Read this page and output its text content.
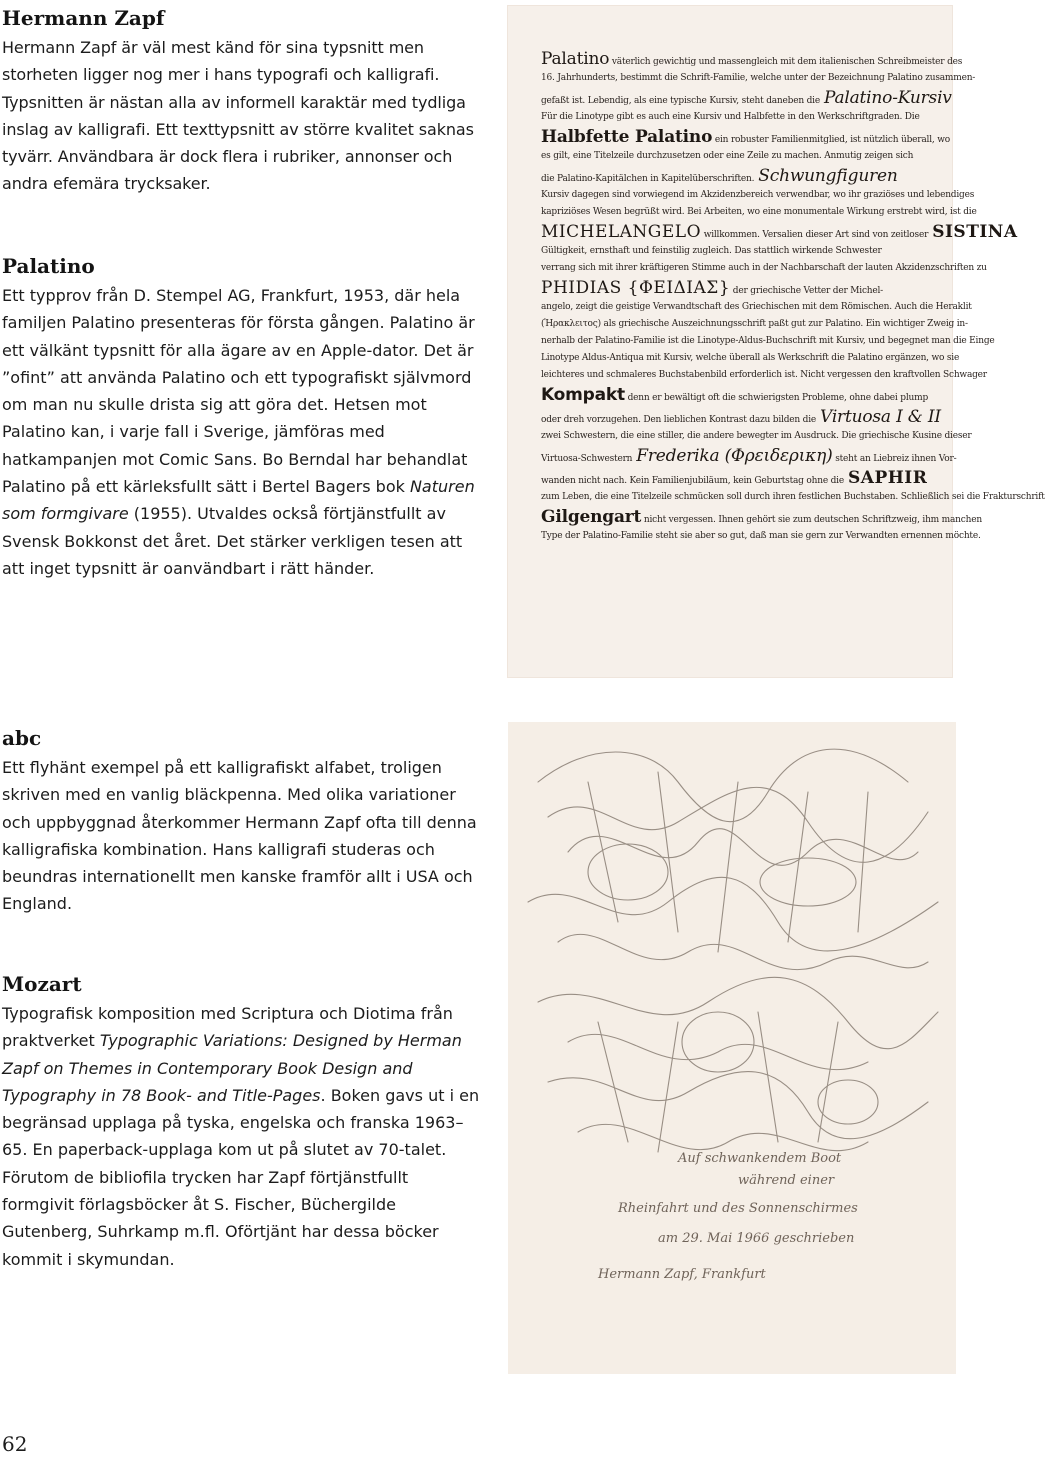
Hermann Zapf

Hermann Zapf är väl mest känd för sina typsnitt men storheten ligger nog mer i hans typografi och kalligrafi. Typsnitten är nästan alla av informell karaktär med tydliga inslag av kalligrafi. Ett texttypsnitt av större kvalitet saknas tyvärr. Användbara är dock flera i rubriker, annonser och andra efemära trycksaker.

Palatino

Ett typprov från D. Stempel AG, Frankfurt, 1953, där hela familjen Palatino presenteras för första gången. Palatino är ett välkänt typsnitt för alla ägare av en Apple-dator. Det är ”ofint” att använda Palatino och ett typografiskt självmord om man nu skulle drista sig att göra det. Hetsen mot Palatino kan, i varje fall i Sverige, jämföras med hatkampanjen mot Comic Sans. Bo Berndal har behandlat Palatino på ett kärleksfullt sätt i Bertel Bagers bok Naturen som formgivare (1955). Utvaldes också förtjänstfullt av Svensk Bokkonst det året. Det stärker verkligen tesen att att inget typsnitt är oanvändbart i rätt händer.

abc

Ett flyhänt exempel på ett kalligrafiskt alfabet, troligen skriven med en vanlig bläckpenna. Med olika variationer och uppbyggnad återkommer Hermann Zapf ofta till denna kalligrafiska kombination. Hans kalligrafi studeras och beundras internationellt men kanske framför allt i USA och England.

Mozart

Typografisk komposition med Scriptura och Diotima från praktverket Typographic Variations: Designed by Herman Zapf on Themes in Contemporary Book Design and Typography in 78 Book- and Title-Pages. Boken gavs ut i en begränsad upplaga på tyska, engelska och franska 1963–65. En paperback-upplaga kom ut på slutet av 70-talet. Förutom de bibliofila trycken har Zapf förtjänstfullt formgivit förlagsböcker åt S. Fischer, Büchergilde Gutenberg, Suhrkamp m.fl. Oförtjänt har dessa böcker kommit i skymundan.

Palatino väterlich gewichtig und massengleich mit dem italienischen Schreibmeister des
16. Jahrhunderts, bestimmt die Schrift-Familie, welche unter der Bezeichnung Palatino zusammen-
gefaßt ist. Lebendig, als eine typische Kursiv, steht daneben die Palatino-Kursiv
Für die Linotype gibt es auch eine Kursiv und Halbfette in den Werkschriftgraden. Die
Halbfette Palatino ein robuster Familienmitglied, ist nützlich überall, wo
es gilt, eine Titelzeile durchzusetzen oder eine Zeile zu machen. Anmutig zeigen sich
die Palatino-Kapitälchen in Kapitelüberschriften. Schwungfiguren
Kursiv dagegen sind vorwiegend im Akzidenzbereich verwendbar, wo ihr graziöses und lebendiges
kapriziöses Wesen begrüßt wird. Bei Arbeiten, wo eine monumentale Wirkung erstrebt wird, ist die
MICHELANGELO willkommen. Versalien dieser Art sind von zeitloser SISTINA
Gültigkeit, ernsthaft und feinstilig zugleich. Das stattlich wirkende Schwester
verrang sich mit ihrer kräftigeren Stimme auch in der Nachbarschaft der lauten Akzidenzschriften zu
PHIDIAS {ΦΕΙΔΙΑΣ} der griechische Vetter der Michel-
angelo, zeigt die geistige Verwandtschaft des Griechischen mit dem Römischen. Auch die Heraklit
(Ἡρακλειτος) als griechische Auszeichnungsschrift paßt gut zur Palatino. Ein wichtiger Zweig in-
nerhalb der Palatino-Familie ist die Linotype-Aldus-Buchschrift mit Kursiv, und begegnet man die Einge
Linotype Aldus-Antiqua mit Kursiv, welche überall als Werkschrift die Palatino ergänzen, wo sie
leichteres und schmaleres Buchstabenbild erforderlich ist. Nicht vergessen den kraftvollen Schwager
Kompakt denn er bewältigt oft die schwierigsten Probleme, ohne dabei plump
oder dreh vorzugehen. Den lieblichen Kontrast dazu bilden die Virtuosa I & II
zwei Schwestern, die eine stiller, die andere bewegter im Ausdruck. Die griechische Kusine dieser
Virtuosa-Schwestern Frederika (Φρειδερικη) steht an Liebreiz ihnen Vor-
wanden nicht nach. Kein Familienjubiläum, kein Geburtstag ohne die SAPHIR
zum Leben, die eine Titelzeile schmücken soll durch ihren festlichen Buchstaben. Schließlich sei die Frakturschrift
Gilgengart nicht vergessen. Ihnen gehört sie zum deutschen Schriftzweig, ihm manchen
Type der Palatino-Familie steht sie aber so gut, daß man sie gern zur Verwandten ernennen möchte.
Auf schwankendem Boot
während einer
Rheinfahrt und des Sonnenschirmes
am 29. Mai 1966 geschrieben
Hermann Zapf, Frankfurt
62
